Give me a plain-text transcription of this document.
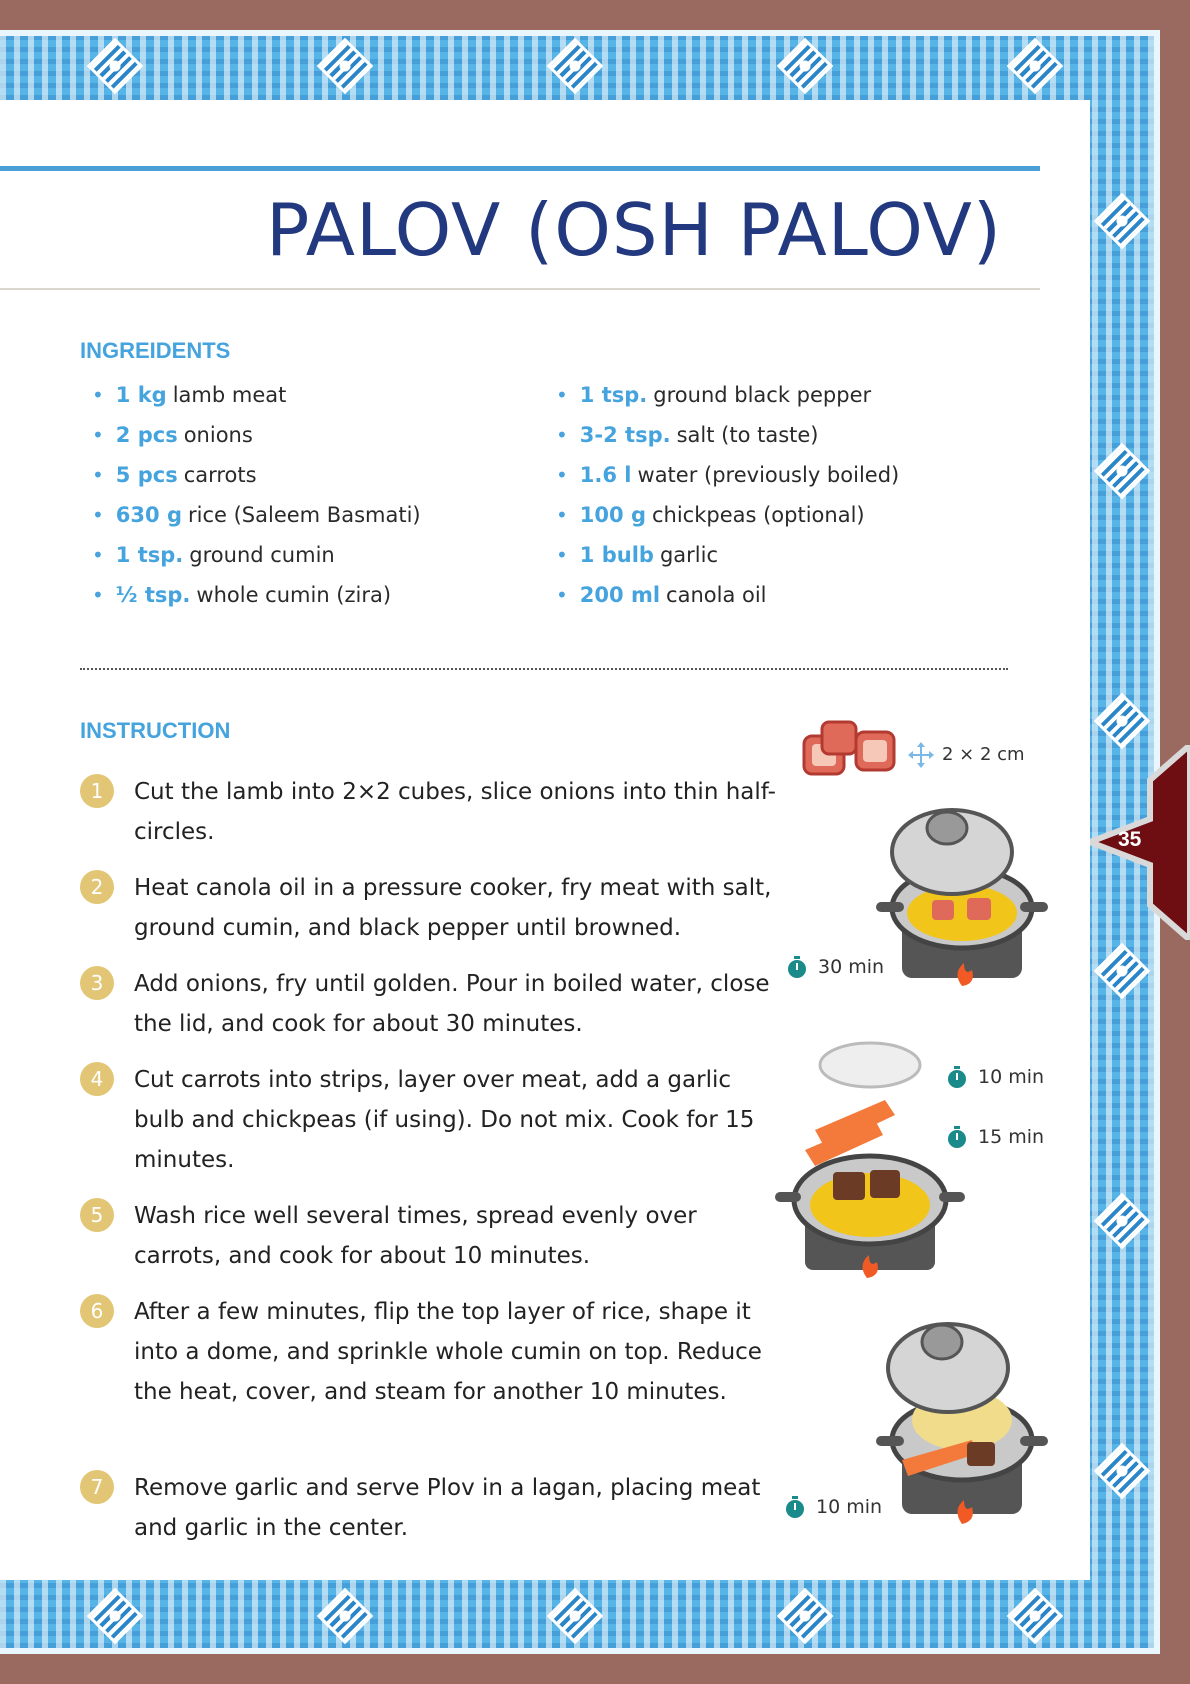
PALOV (OSH PALOV)
INGREIDENTS
• 1 kg lamb meat
• 2 pcs onions
• 5 pcs carrots
• 630 g rice (Saleem Basmati)
• 1 tsp. ground cumin
• ½ tsp. whole cumin (zira)
• 1 tsp. ground black pepper
• 3-2 tsp. salt (to taste)
• 1.6 l water (previously boiled)
• 100 g chickpeas (optional)
• 1 bulb garlic
• 200 ml canola oil
INSTRUCTION
1	Cut the lamb into 2×2 cubes, slice onions into thin half-circles.
2	Heat canola oil in a pressure cooker, fry meat with salt, ground cumin, and black pepper until browned.
3	Add onions, fry until golden. Pour in boiled water, close the lid, and cook for about 30 minutes.
4	Cut carrots into strips, layer over meat, add a garlic bulb and chickpeas (if using). Do not mix. Cook for 15 minutes.
5	Wash rice well several times, spread evenly over carrots, and cook for about 10 minutes.
6	After a few minutes, flip the top layer of rice, shape it into a dome, and sprinkle whole cumin on top. Reduce the heat, cover, and steam for another 10 minutes.
7	Remove garlic and serve Plov in a lagan, placing meat and garlic in the center.
2 × 2 cm
30 min
10 min
15 min
10 min
35
